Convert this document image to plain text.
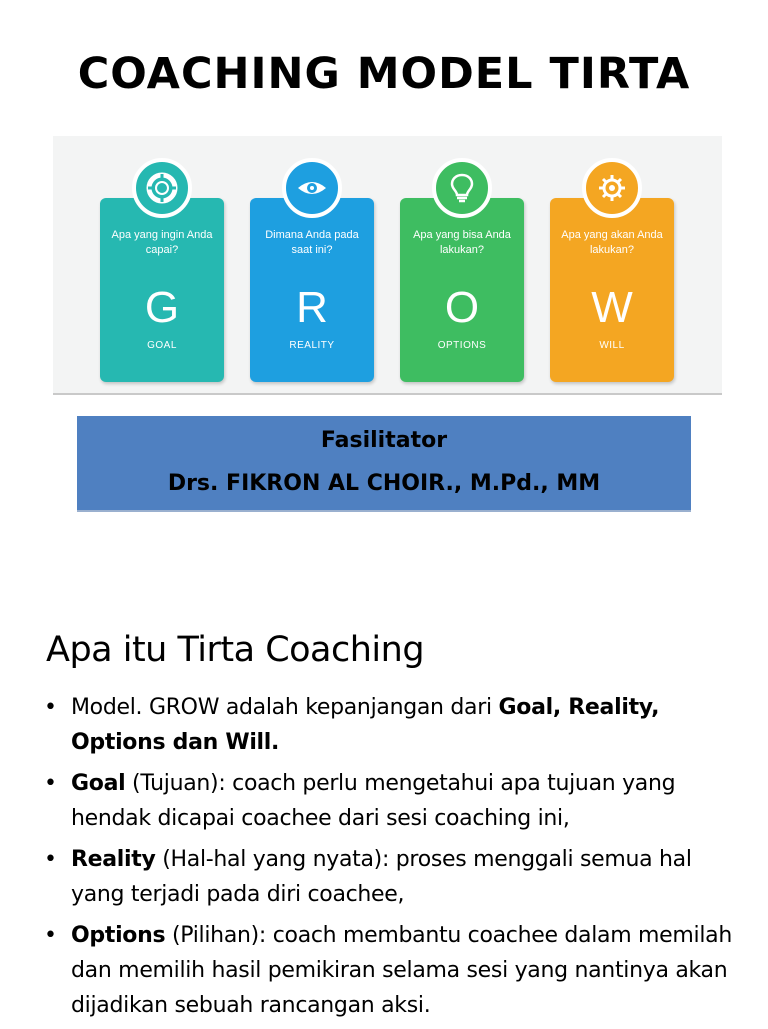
COACHING MODEL TIRTA
Apa yang ingin Anda capai?
G
GOAL
Dimana Anda pada saat ini?
R
REALITY
Apa yang bisa Anda lakukan?
O
OPTIONS
Apa yang akan Anda lakukan?
W
WILL
Fasilitator
Drs. FIKRON AL CHOIR., M.Pd., MM
Apa itu Tirta Coaching
• Model. GROW adalah kepanjangan dari Goal, Reality, Options dan Will.
• Goal (Tujuan): coach perlu mengetahui apa tujuan yang hendak dicapai coachee dari sesi coaching ini,
• Reality (Hal-hal yang nyata): proses menggali semua hal yang terjadi pada diri coachee,
• Options (Pilihan): coach membantu coachee dalam memilah dan memilih hasil pemikiran selama sesi yang nantinya akan dijadikan sebuah rancangan aksi.
